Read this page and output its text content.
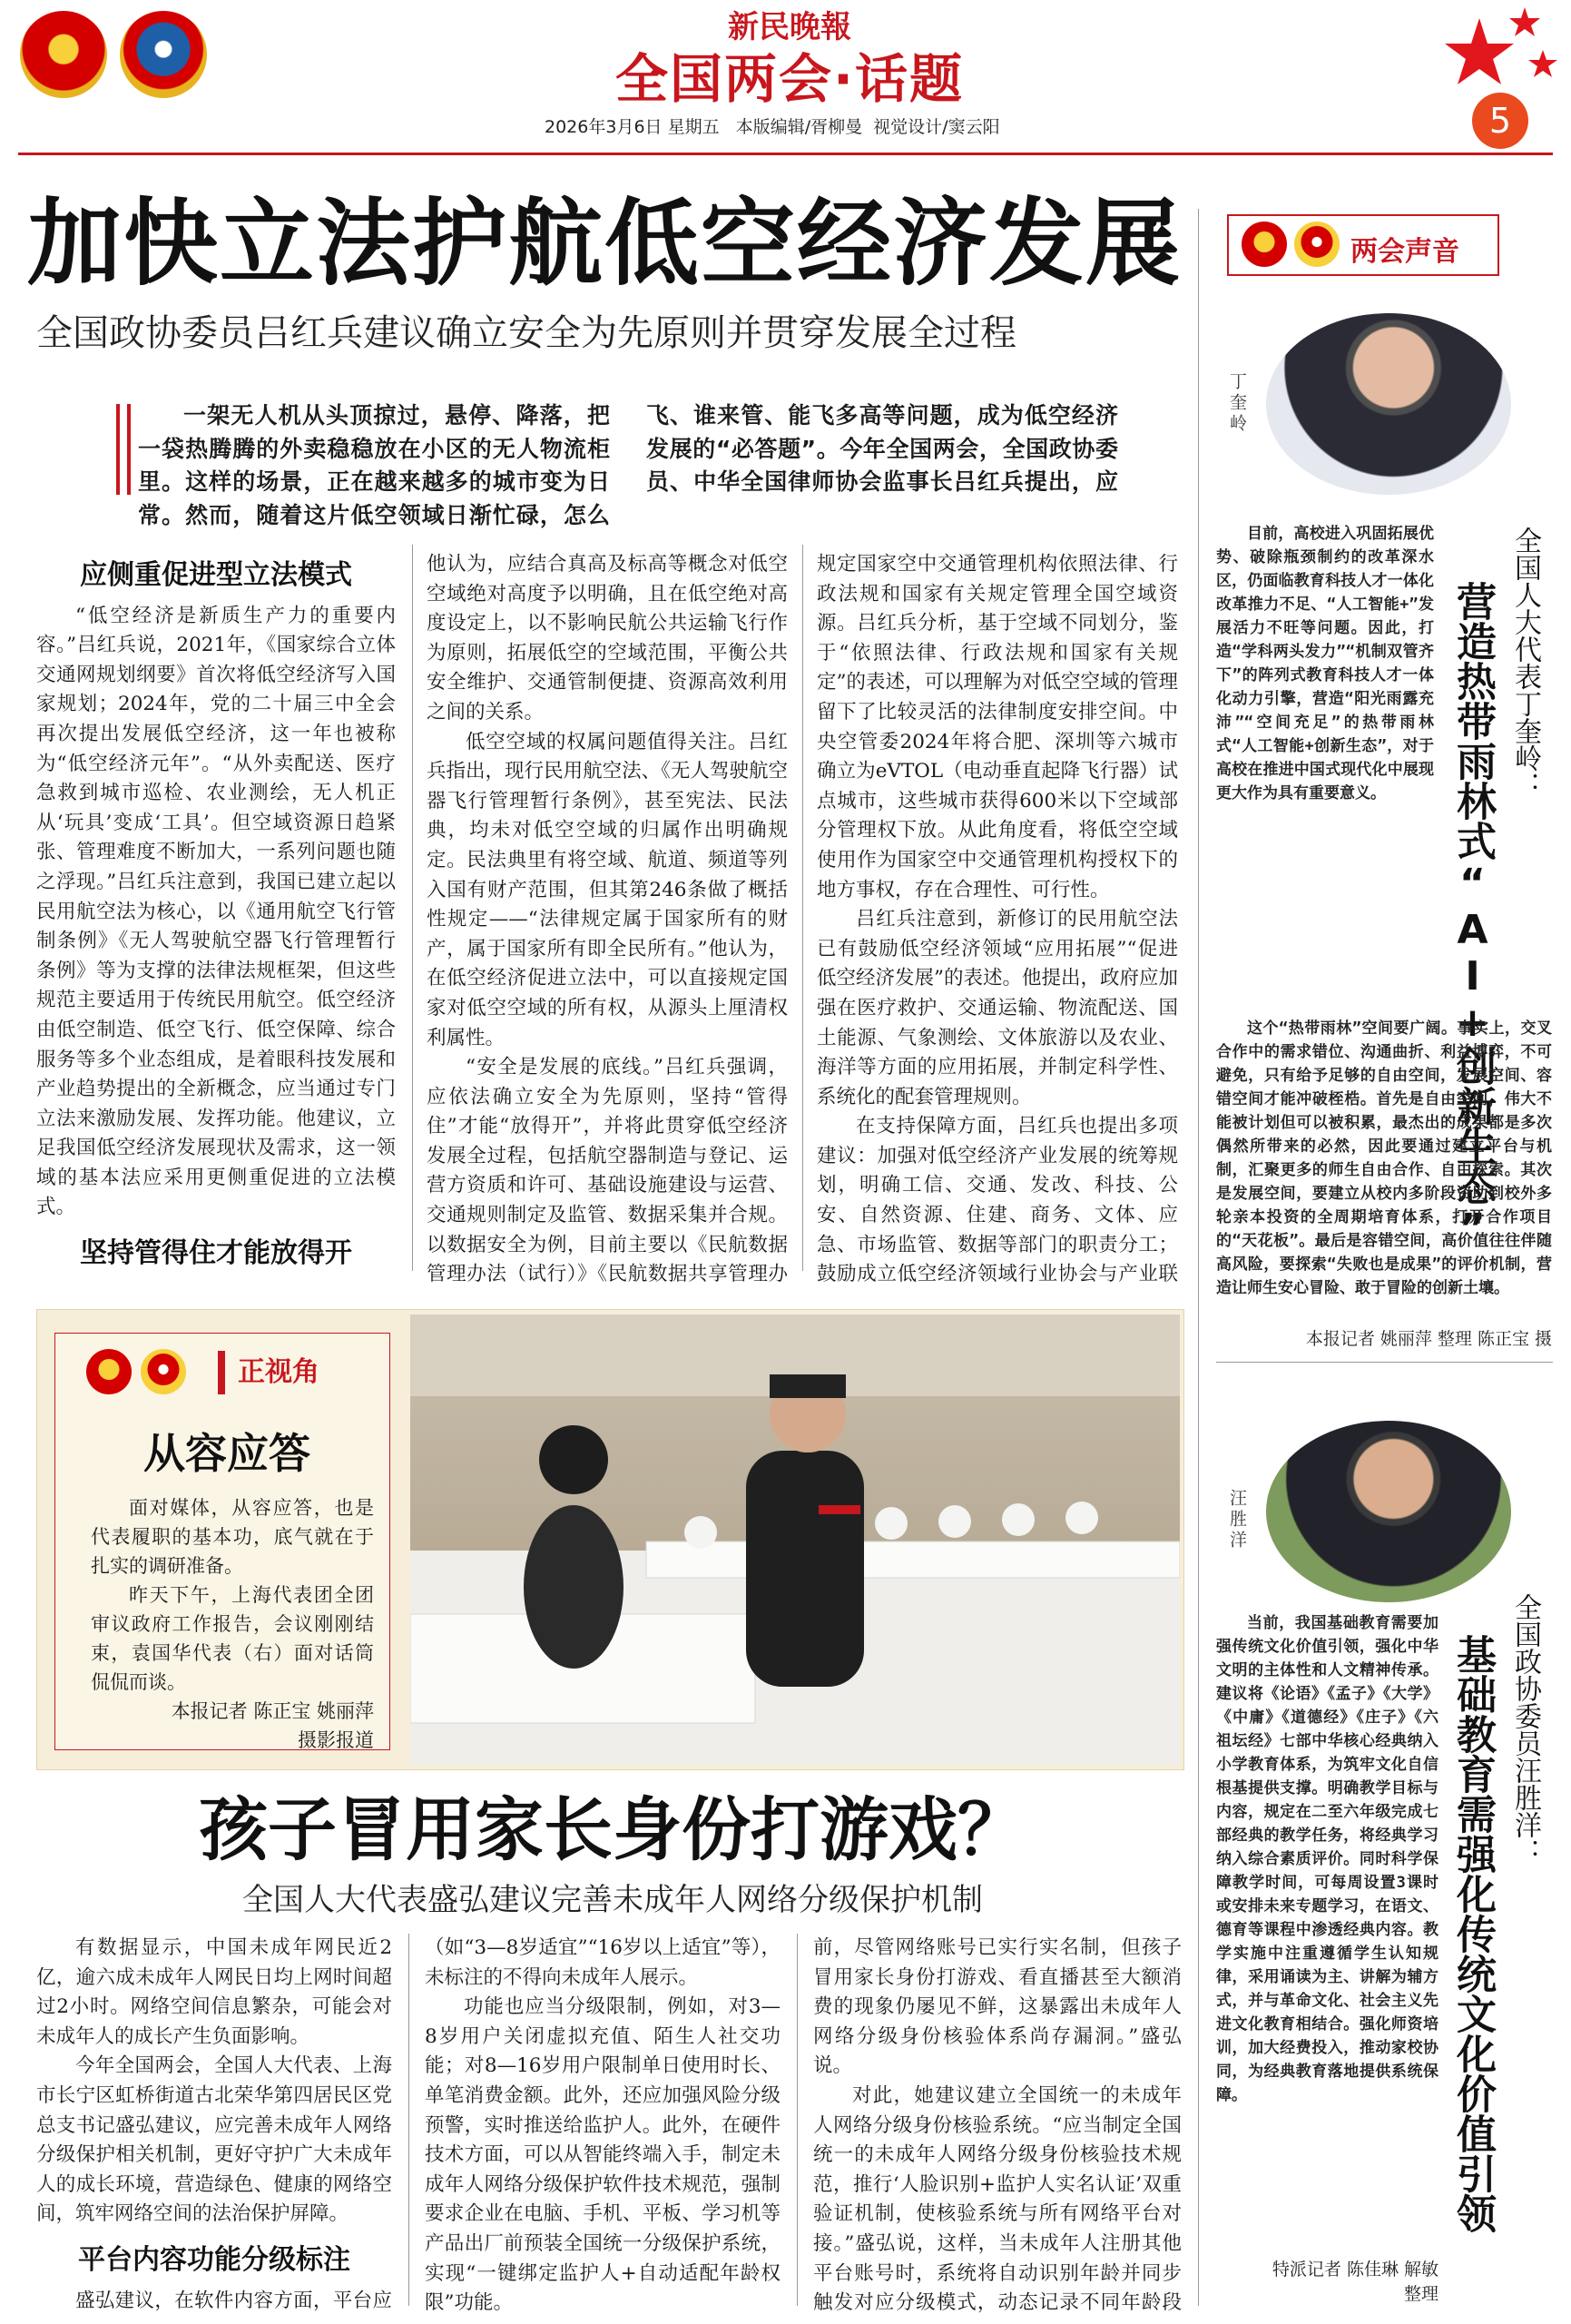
新民晚報
全国两会·话题
2026年3月6日 星期五   本版编辑/胥柳曼  视觉设计/窦云阳	5
加快立法护航低空经济发展
全国政协委员吕红兵建议确立安全为先原则并贯穿发展全过程
一架无人机从头顶掠过，悬停、降落，把一袋热腾腾的外卖稳稳放在小区的无人物流柜里。这样的场景，正在越来越多的城市变为日常。然而，随着这片低空领域日渐忙碌，怎么飞、谁来管、能飞多高等问题，成为低空经济发展的“必答题”。今年全国两会，全国政协委员、中华全国律师协会监事长吕红兵提出，应
应侧重促进型立法模式

“低空经济是新质生产力的重要内容。”吕红兵说，2021年，《国家综合立体交通网规划纲要》首次将低空经济写入国家规划；2024年，党的二十届三中全会再次提出发展低空经济，这一年也被称为“低空经济元年”。“从外卖配送、医疗急救到城市巡检、农业测绘，无人机正从‘玩具’变成‘工具’。但空域资源日趋紧张、管理难度不断加大，一系列问题也随之浮现。”吕红兵注意到，我国已建立起以民用航空法为核心，以《通用航空飞行管制条例》《无人驾驶航空器飞行管理暂行条例》等为支撑的法律法规框架，但这些规范主要适用于传统民用航空。低空经济由低空制造、低空飞行、低空保障、综合服务等多个业态组成，是着眼科技发展和产业趋势提出的全新概念，应当通过专门立法来激励发展、发挥功能。他建议，立足我国低空经济发展现状及需求，这一领域的基本法应采用更侧重促进的立法模式。

坚持管得住才能放得开

他认为，应结合真高及标高等概念对低空空域绝对高度予以明确，且在低空绝对高度设定上，以不影响民航公共运输飞行作为原则，拓展低空的空域范围，平衡公共安全维护、交通管制便捷、资源高效利用之间的关系。

低空空域的权属问题值得关注。吕红兵指出，现行民用航空法、《无人驾驶航空器飞行管理暂行条例》，甚至宪法、民法典，均未对低空空域的归属作出明确规定。民法典里有将空域、航道、频道等列入国有财产范围，但其第246条做了概括性规定——“法律规定属于国家所有的财产，属于国家所有即全民所有。”他认为，在低空经济促进立法中，可以直接规定国家对低空空域的所有权，从源头上厘清权利属性。

“安全是发展的底线。”吕红兵强调，应依法确立安全为先原则，坚持“管得住”才能“放得开”，并将此贯穿低空经济发展全过程，包括航空器制造与登记、运营方资质和许可、基础设施建设与运营、交通规则制定及监管、数据采集并合规。以数据安全为例，目前主要以《民航数据管理办法（试行）》《民航数据共享管理办

规定国家空中交通管理机构依照法律、行政法规和国家有关规定管理全国空域资源。吕红兵分析，基于空域不同划分，鉴于“依照法律、行政法规和国家有关规定”的表述，可以理解为对低空空域的管理留下了比较灵活的法律制度安排空间。中央空管委2024年将合肥、深圳等六城市确立为eVTOL（电动垂直起降飞行器）试点城市，这些城市获得600米以下空域部分管理权下放。从此角度看，将低空空域使用作为国家空中交通管理机构授权下的地方事权，存在合理性、可行性。

吕红兵注意到，新修订的民用航空法已有鼓励低空经济领域“应用拓展”“促进低空经济发展”的表述。他提出，政府应加强在医疗救护、交通运输、物流配送、国土能源、气象测绘、文体旅游以及农业、海洋等方面的应用拓展，并制定科学性、系统化的配套管理规则。

在支持保障方面，吕红兵也提出多项建议：加强对低空经济产业发展的统筹规划，明确工信、交通、发改、科技、公安、自然资源、住建、商务、文体、应急、市场监管、数据等部门的职责分工；鼓励成立低空经济领域行业协会与产业联

正视角
从容应答

面对媒体，从容应答，也是代表履职的基本功，底气就在于扎实的调研准备。

昨天下午，上海代表团全团审议政府工作报告，会议刚刚结束，袁国华代表（右）面对话筒侃侃而谈。

本报记者 陈正宝 姚丽萍

摄影报道

孩子冒用家长身份打游戏？
全国人大代表盛弘建议完善未成年人网络分级保护机制

有数据显示，中国未成年网民近2亿，逾六成未成年人网民日均上网时间超过2小时。网络空间信息繁杂，可能会对未成年人的成长产生负面影响。

今年全国两会，全国人大代表、上海市长宁区虹桥街道古北荣华第四居民区党总支书记盛弘建议，应完善未成年人网络分级保护相关机制，更好守护广大未成年人的成长环境，营造绿色、健康的网络空间，筑牢网络空间的法治保护屏障。

平台内容功能分级标注

盛弘建议，在软件内容方面，平台应

（如“3—8岁适宜”“16岁以上适宜”等），未标注的不得向未成年人展示。

功能也应当分级限制，例如，对3—8岁用户关闭虚拟充值、陌生人社交功能；对8—16岁用户限制单日使用时长、单笔消费金额。此外，还应加强风险分级预警，实时推送给监护人。此外，在硬件技术方面，可以从智能终端入手，制定未成年人网络分级保护软件技术规范，强制要求企业在电脑、手机、平板、学习机等产品出厂前预装全国统一分级保护系统，实现“一键绑定监护人+自动适配年龄权限”功能。

前，尽管网络账号已实行实名制，但孩子冒用家长身份打游戏、看直播甚至大额消费的现象仍屡见不鲜，这暴露出未成年人网络分级身份核验体系尚存漏洞。”盛弘说。

对此，她建议建立全国统一的未成年人网络分级身份核验系统。“应当制定全国统一的未成年人网络分级身份核验技术规范，推行‘人脸识别+监护人实名认证’双重验证机制，使核验系统与所有网络平台对接。”盛弘说，这样，当未成年人注册其他平台账号时，系统将自动识别年龄并同步触发对应分级模式，动态记录不同年龄段

两会声音
丁奎岭
全国人大代表丁奎岭：
营造热带雨林式“AI+创新生态”

目前，高校进入巩固拓展优势、破除瓶颈制约的改革深水区，仍面临教育科技人才一体化改革推力不足、“人工智能+”发展活力不旺等问题。因此，打造“学科两头发力”“机制双管齐下”的阵列式教育科技人才一体化动力引擎，营造“阳光雨露充沛”“空间充足”的热带雨林式“人工智能+创新生态”，对于高校在推进中国式现代化中展现更大作为具有重要意义。

这个“热带雨林”空间要广阔。事实上，交叉合作中的需求错位、沟通曲折、利益博弈，不可避免，只有给予足够的自由空间，发展空间、容错空间才能冲破桎梏。首先是自由空间，伟大不能被计划但可以被积累，最杰出的成果都是多次偶然所带来的必然，因此要通过建立平台与机制，汇聚更多的师生自由合作、自由探索。其次是发展空间，要建立从校内多阶段资助到校外多轮亲本投资的全周期培育体系，打开合作项目的“天花板”。最后是容错空间，高价值往往伴随高风险，要探索“失败也是成果”的评价机制，营造让师生安心冒险、敢于冒险的创新土壤。

本报记者 姚丽萍 整理 陈正宝 摄
汪胜洋
全国政协委员汪胜洋：
基础教育需强化传统文化价值引领

当前，我国基础教育需要加强传统文化价值引领，强化中华文明的主体性和人文精神传承。建议将《论语》《孟子》《大学》《中庸》《道德经》《庄子》《六祖坛经》七部中华核心经典纳入小学教育体系，为筑牢文化自信根基提供支撑。明确教学目标与内容，规定在二至六年级完成七部经典的教学任务，将经典学习纳入综合素质评价。同时科学保障教学时间，可每周设置3课时或安排未来专题学习，在语文、德育等课程中渗透经典内容。教学实施中注重遵循学生认知规律，采用诵读为主、讲解为辅方式，并与革命文化、社会主义先进文化教育相结合。强化师资培训，加大经费投入，推动家校协同，为经典教育落地提供系统保障。

特派记者 陈佳琳 解敏
整理
